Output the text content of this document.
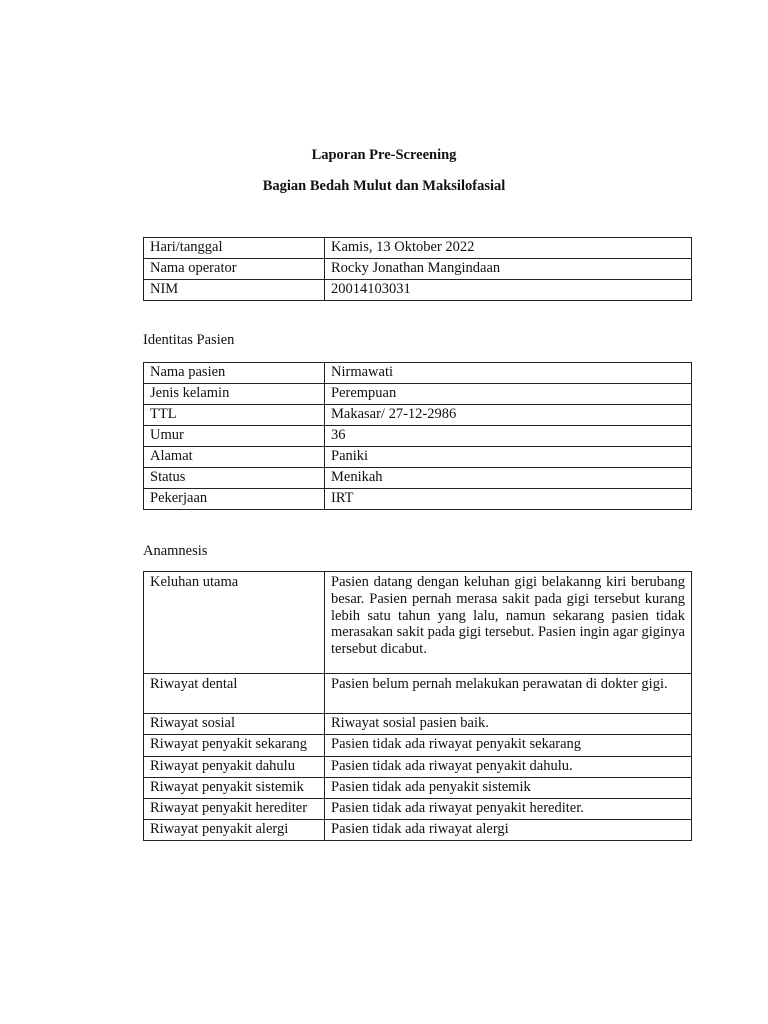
Laporan Pre-Screening
Bagian Bedah Mulut dan Maksilofasial
Hari/tanggal	Kamis, 13 Oktober 2022
Nama operator	Rocky Jonathan Mangindaan
NIM	20014103031
Identitas Pasien
Nama pasien	Nirmawati
Jenis kelamin	Perempuan
TTL	Makasar/ 27-12-2986
Umur	36
Alamat	Paniki
Status	Menikah
Pekerjaan	IRT
Anamnesis
Keluhan utama	Pasien datang dengan keluhan gigi belakanng kiri berubang besar. Pasien pernah merasa sakit pada gigi tersebut kurang lebih satu tahun yang lalu, namun sekarang pasien tidak merasakan sakit pada gigi tersebut. Pasien ingin agar giginya tersebut dicabut.
Riwayat dental	Pasien belum pernah melakukan perawatan di dokter gigi.
Riwayat sosial	Riwayat sosial pasien baik.
Riwayat penyakit sekarang	Pasien tidak ada riwayat penyakit sekarang
Riwayat penyakit dahulu	Pasien tidak ada riwayat penyakit dahulu.
Riwayat penyakit sistemik	Pasien tidak ada penyakit sistemik
Riwayat penyakit herediter	Pasien tidak ada riwayat penyakit herediter.
Riwayat penyakit alergi	Pasien tidak ada riwayat alergi
